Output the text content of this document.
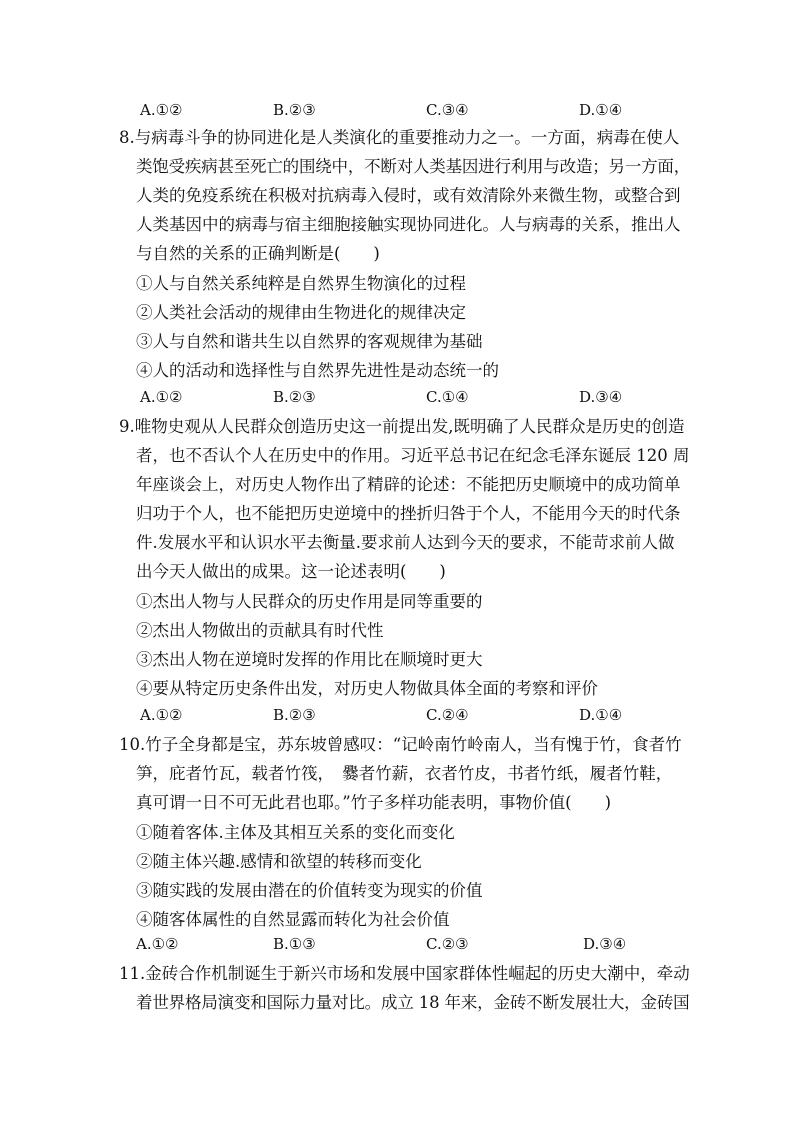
A.①②	B.②③	C.③④	D.①④
8.与病毒斗争的协同进化是人类演化的重要推动力之一。一方面，病毒在使人
类饱受疾病甚至死亡的围绕中，不断对人类基因进行利用与改造；另一方面，
人类的免疫系统在积极对抗病毒入侵时，或有效清除外来微生物，或整合到
人类基因中的病毒与宿主细胞接触实现协同进化。人与病毒的关系，推出人
与自然的关系的正确判断是(　　)
①人与自然关系纯粹是自然界生物演化的过程
②人类社会活动的规律由生物进化的规律决定
③人与自然和谐共生以自然界的客观规律为基础
④人的活动和选择性与自然界先进性是动态统一的
A.①②	B.②③	C.①④	D.③④
9.唯物史观从人民群众创造历史这一前提出发,既明确了人民群众是历史的创造
者，也不否认个人在历史中的作用。习近平总书记在纪念毛泽东诞辰 120 周
年座谈会上，对历史人物作出了精辟的论述：不能把历史顺境中的成功简单
归功于个人，也不能把历史逆境中的挫折归咎于个人，不能用今天的时代条
件.发展水平和认识水平去衡量.要求前人达到今天的要求，不能苛求前人做
出今天人做出的成果。这一论述表明(　　)
①杰出人物与人民群众的历史作用是同等重要的
②杰出人物做出的贡献具有时代性
③杰出人物在逆境时发挥的作用比在顺境时更大
④要从特定历史条件出发，对历史人物做具体全面的考察和评价
A.①②	B.②③	C.②④	D.①④
10.竹子全身都是宝，苏东坡曾感叹：“记岭南竹岭南人，当有愧于竹，食者竹
笋，庇者竹瓦，载者竹筏，　爨者竹薪，衣者竹皮，书者竹纸，履者竹鞋，
真可谓一日不可无此君也耶。”竹子多样功能表明，事物价值(　　)
①随着客体.主体及其相互关系的变化而变化
②随主体兴趣.感情和欲望的转移而变化
③随实践的发展由潜在的价值转变为现实的价值
④随客体属性的自然显露而转化为社会价值
A.①②	B.①③	C.②③	D.③④
11.金砖合作机制诞生于新兴市场和发展中国家群体性崛起的历史大潮中，牵动
着世界格局演变和国际力量对比。成立 18 年来，金砖不断发展壮大，金砖国
